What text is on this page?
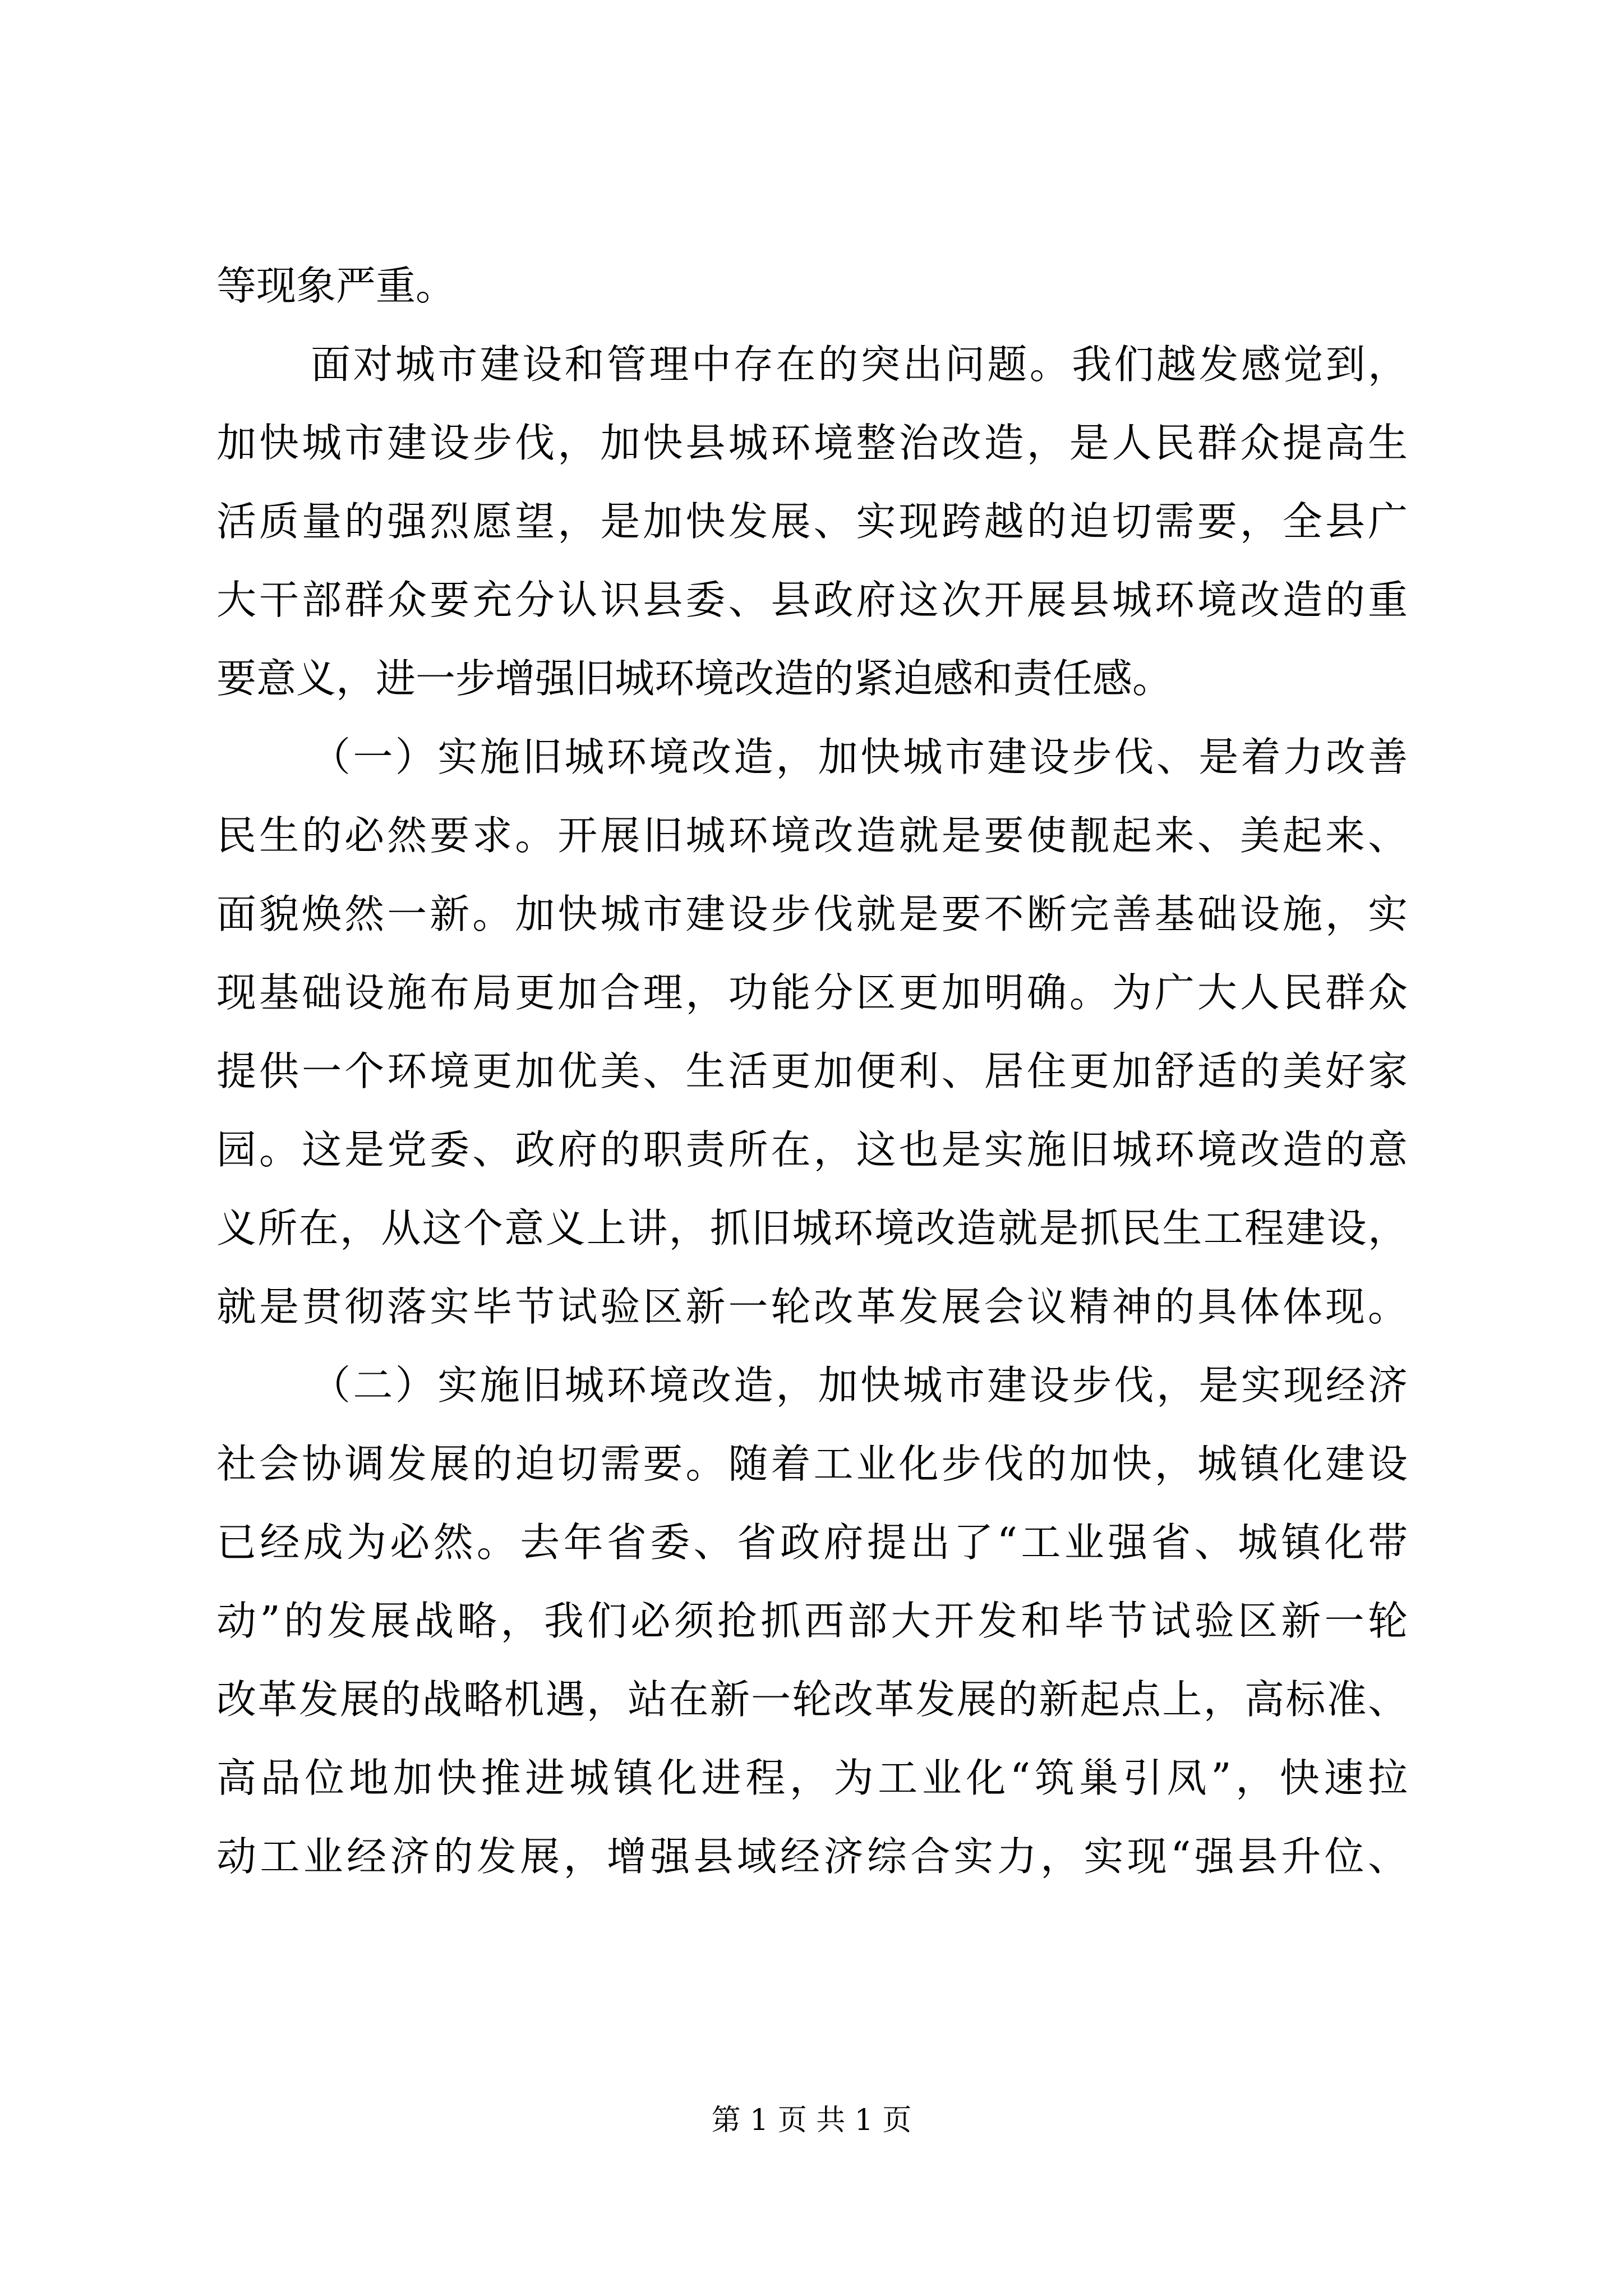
等现象严重。
面对城市建设和管理中存在的突出问题。我们越发感觉到，
加快城市建设步伐，加快县城环境整治改造，是人民群众提高生
活质量的强烈愿望，是加快发展、实现跨越的迫切需要，全县广
大干部群众要充分认识县委、县政府这次开展县城环境改造的重
要意义，进一步增强旧城环境改造的紧迫感和责任感。
（一）实施旧城环境改造，加快城市建设步伐、是着力改善
民生的必然要求。开展旧城环境改造就是要使靓起来、美起来、
面貌焕然一新。加快城市建设步伐就是要不断完善基础设施，实
现基础设施布局更加合理，功能分区更加明确。为广大人民群众
提供一个环境更加优美、生活更加便利、居住更加舒适的美好家
园。这是党委、政府的职责所在，这也是实施旧城环境改造的意
义所在，从这个意义上讲，抓旧城环境改造就是抓民生工程建设，
就是贯彻落实毕节试验区新一轮改革发展会议精神的具体体现。
（二）实施旧城环境改造，加快城市建设步伐，是实现经济
社会协调发展的迫切需要。随着工业化步伐的加快，城镇化建设
已经成为必然。去年省委、省政府提出了“工业强省、城镇化带
动”的发展战略，我们必须抢抓西部大开发和毕节试验区新一轮
改革发展的战略机遇，站在新一轮改革发展的新起点上，高标准、
高品位地加快推进城镇化进程，为工业化“筑巢引凤”，快速拉
动工业经济的发展，增强县域经济综合实力，实现“强县升位、
第 1 页 共 1 页
